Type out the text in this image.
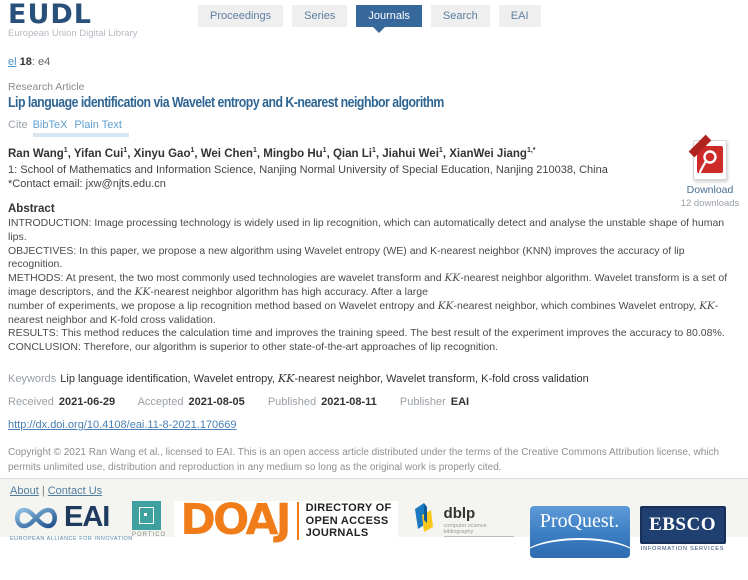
EUDL
European Union Digital Library
Proceedings	Series	Journals	Search	EAI
el 18: e4
Research Article
Lip language identification via Wavelet entropy and K-nearest neighbor algorithm
Cite BibTeX Plain Text
Ran Wang$^1$, Yifan Cui$^1$, Xinyu Gao$^1$, Wei Chen$^1$, Mingbo Hu$^1$, Qian Li$^1$, Jiahui Wei$^1$, XianWei Jiang$^{1,*}$
1: School of Mathematics and Information Science, Nanjing Normal University of Special Education, Nanjing 210038, China
*Contact email: jxw@njts.edu.cn
Abstract
INTRODUCTION: Image processing technology is widely used in lip recognition, which can automatically detect and analyse the unstable shape of human lips.
OBJECTIVES: In this paper, we propose a new algorithm using Wavelet entropy (WE) and K-nearest neighbor (KNN) improves the accuracy of lip recognition.
METHODS: At present, the two most commonly used technologies are wavelet transform and KK-nearest neighbor algorithm. Wavelet transform is a set of image descriptors, and the KK-nearest neighbor algorithm has high accuracy. After a large
number of experiments, we propose a lip recognition method based on Wavelet entropy and KK-nearest neighbor, which combines Wavelet entropy, KK-nearest neighbor and K-fold cross validation.
RESULTS: This method reduces the calculation time and improves the training speed. The best result of the experiment improves the accuracy to 80.08%.
CONCLUSION: Therefore, our algorithm is superior to other state-of-the-art approaches of lip recognition.
Keywords Lip language identification, Wavelet entropy, KK-nearest neighbor, Wavelet transform, K-fold cross validation
Received 2021-06-29 Accepted 2021-08-05 Published 2021-08-11 Publisher EAI
http://dx.doi.org/10.4108/eai.11-8-2021.170669
Copyright © 2021 Ran Wang et al., licensed to EAI. This is an open access article distributed under the terms of the Creative Commons Attribution license, which permits unlimited use, distribution and reproduction in any medium so long as the original work is properly cited.
Download
12 downloads
About | Contact Us
EAI
EUROPEAN ALLIANCE FOR INNOVATION
PORTICO DOAJ DIRECTORY OF
OPEN ACCESS
JOURNALS
dblp
computer science bibliography	ProQuest.	EBSCO
INFORMATION SERVICES
